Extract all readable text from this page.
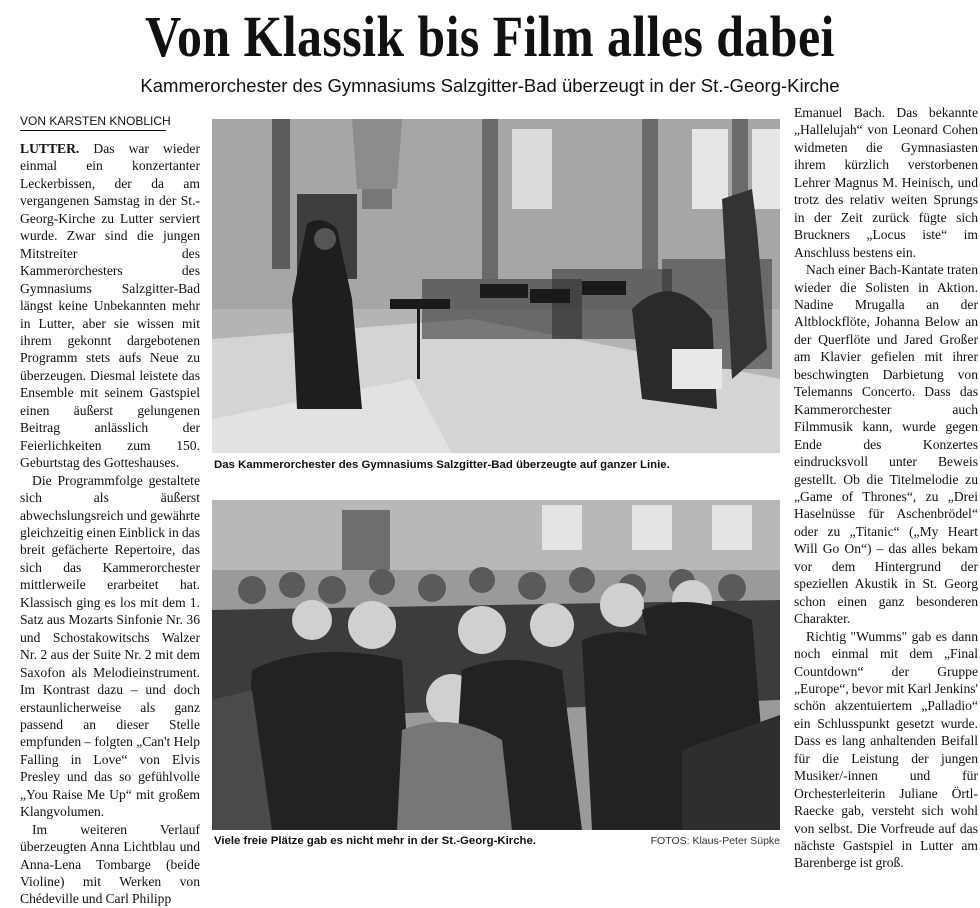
Von Klassik bis Film alles dabei
Kammerorchester des Gymnasiums Salzgitter-Bad überzeugt in der St.-Georg-Kirche
VON KARSTEN KNOBLICH

LUTTER. Das war wieder einmal ein konzertanter Leckerbissen, der da am vergangenen Samstag in der St.-Georg-Kirche zu Lutter serviert wurde. Zwar sind die jungen Mitstreiter des Kammerorchesters des Gymnasiums Salzgitter-Bad längst keine Unbekannten mehr in Lutter, aber sie wissen mit ihrem gekonnt dargebotenen Programm stets aufs Neue zu überzeugen. Diesmal leistete das Ensemble mit seinem Gastspiel einen äußerst gelungenen Beitrag anlässlich der Feierlichkeiten zum 150. Geburtstag des Gotteshauses.

Die Programmfolge gestaltete sich als äußerst abwechslungsreich und gewährte gleichzeitig einen Einblick in das breit gefächerte Repertoire, das sich das Kammerorchester mittlerweile erarbeitet hat. Klassisch ging es los mit dem 1. Satz aus Mozarts Sinfonie Nr. 36 und Schostakowitschs Walzer Nr. 2 aus der Suite Nr. 2 mit dem Saxofon als Melodieinstrument. Im Kontrast dazu – und doch erstaunlicherweise als ganz passend an dieser Stelle empfunden – folgten „Can't Help Falling in Love“ von Elvis Presley und das so gefühlvolle „You Raise Me Up“ mit großem Klangvolumen.

Im weiteren Verlauf überzeugten Anna Lichtblau und Anna-Lena Tombarge (beide Violine) mit Werken von Chédeville und Carl Philipp

Das Kammerorchester des Gymnasiums Salzgitter-Bad überzeugte auf ganzer Linie.
Viele freie Plätze gab es nicht mehr in der St.-Georg-Kirche.	FOTOS: Klaus-Peter Süpke

Emanuel Bach. Das bekannte „Hallelujah“ von Leonard Cohen widmeten die Gymnasiasten ihrem kürzlich verstorbenen Lehrer Magnus M. Heinisch, und trotz des relativ weiten Sprungs in der Zeit zurück fügte sich Bruckners „Locus iste“ im Anschluss bestens ein.

Nach einer Bach-Kantate traten wieder die Solisten in Aktion. Nadine Mrugalla an der Altblockflöte, Johanna Below an der Querflöte und Jared Großer am Klavier gefielen mit ihrer beschwingten Darbietung von Telemanns Concerto. Dass das Kammerorchester auch Filmmusik kann, wurde gegen Ende des Konzertes eindrucksvoll unter Beweis gestellt. Ob die Titelmelodie zu „Game of Thrones“, zu „Drei Haselnüsse für Aschenbrödel“ oder zu „Titanic“ („My Heart Will Go On“) – das alles bekam vor dem Hintergrund der speziellen Akustik in St. Georg schon einen ganz besonderen Charakter.

Richtig "Wumms" gab es dann noch einmal mit dem „Final Countdown“ der Gruppe „Europe“, bevor mit Karl Jenkins' schön akzentuiertem „Palladio“ ein Schlusspunkt gesetzt wurde. Dass es lang anhaltenden Beifall für die Leistung der jungen Musiker/-innen und für Orchesterleiterin Juliane Örtl-Raecke gab, versteht sich wohl von selbst. Die Vorfreude auf das nächste Gastspiel in Lutter am Barenberge ist groß.
